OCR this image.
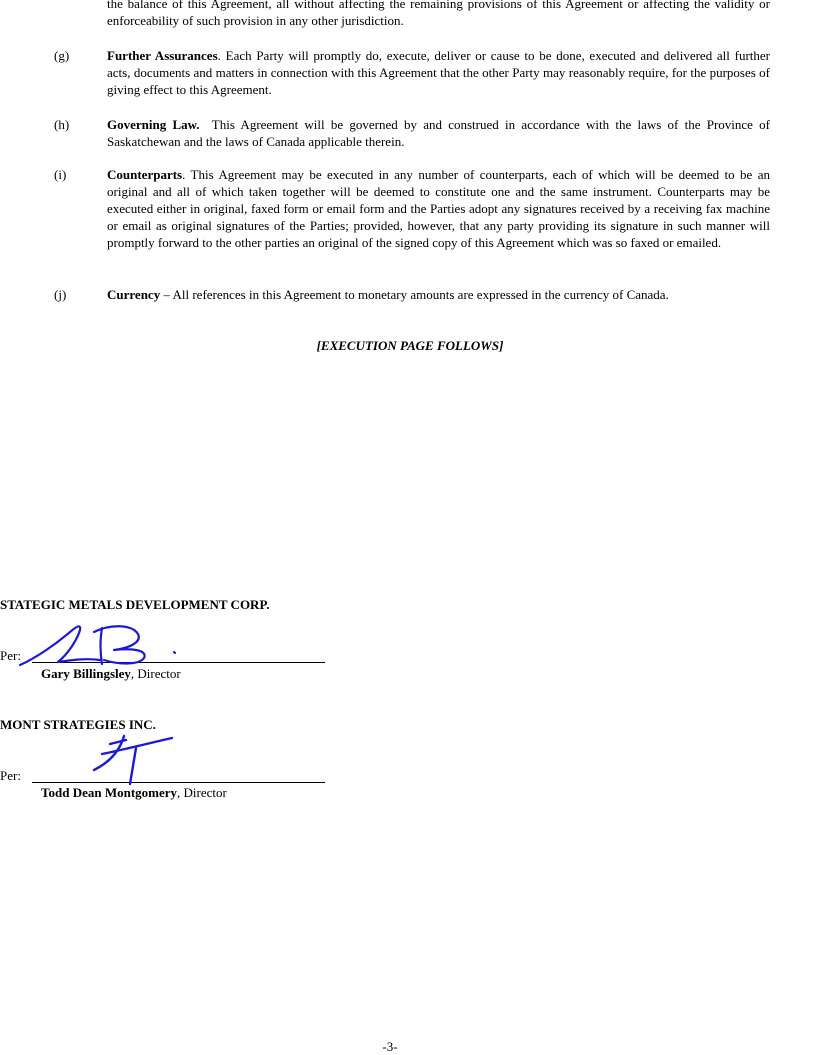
the balance of this Agreement, all without affecting the remaining provisions of this Agreement or affecting the validity or enforceability of such provision in any other jurisdiction.
(g)	Further Assurances. Each Party will promptly do, execute, deliver or cause to be done, executed and delivered all further acts, documents and matters in connection with this Agreement that the other Party may reasonably require, for the purposes of giving effect to this Agreement.
(h)	Governing Law.  This Agreement will be governed by and construed in accordance with the laws of the Province of Saskatchewan and the laws of Canada applicable therein.
(i)	Counterparts. This Agreement may be executed in any number of counterparts, each of which will be deemed to be an original and all of which taken together will be deemed to constitute one and the same instrument. Counterparts may be executed either in original, faxed form or email form and the Parties adopt any signatures received by a receiving fax machine or email as original signatures of the Parties; provided, however, that any party providing its signature in such manner will promptly forward to the other parties an original of the signed copy of this Agreement which was so faxed or emailed.
(j)	Currency – All references in this Agreement to monetary amounts are expressed in the currency of Canada.
[EXECUTION PAGE FOLLOWS]
STATEGIC METALS DEVELOPMENT CORP.
Per:
Gary Billingsley, Director
MONT STRATEGIES INC.
Per:
Todd Dean Montgomery, Director
-3-
